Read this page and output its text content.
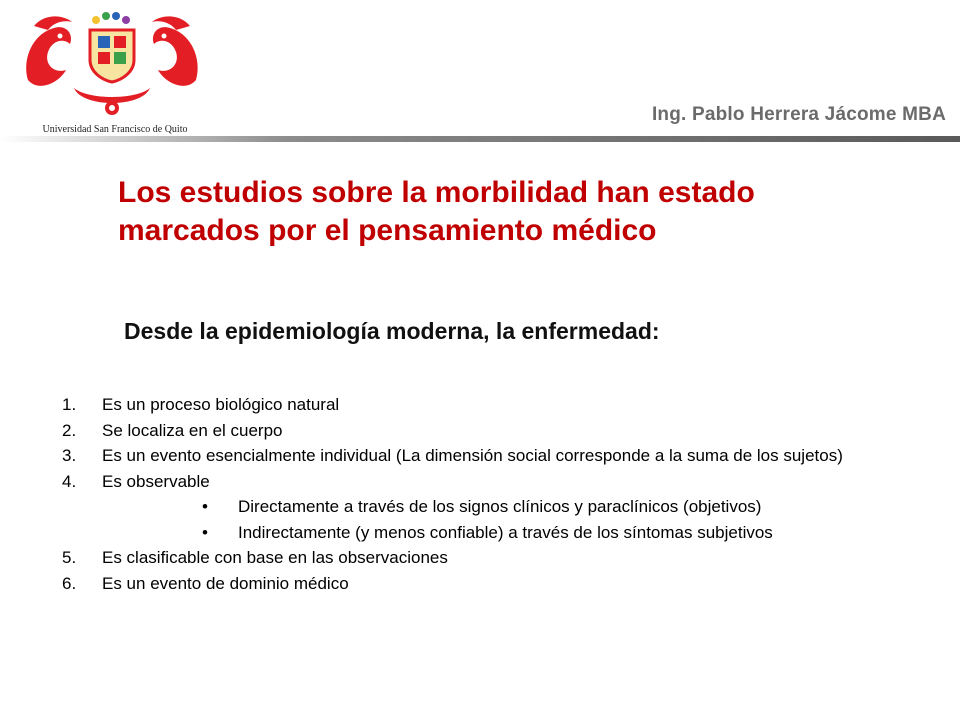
Universidad San Francisco de Quito
Ing. Pablo Herrera Jácome MBA
Los estudios sobre la morbilidad han estado marcados por el pensamiento médico
Desde la epidemiología moderna, la enfermedad:
1. Es un proceso biológico natural
2. Se localiza en el cuerpo
3. Es un evento esencialmente individual (La dimensión social corresponde a la suma de los sujetos)
4. Es observable
• Directamente a través de los signos clínicos y paraclínicos (objetivos)
• Indirectamente (y menos confiable) a través de los síntomas subjetivos
5. Es clasificable con base en las observaciones
6. Es un evento de dominio médico
